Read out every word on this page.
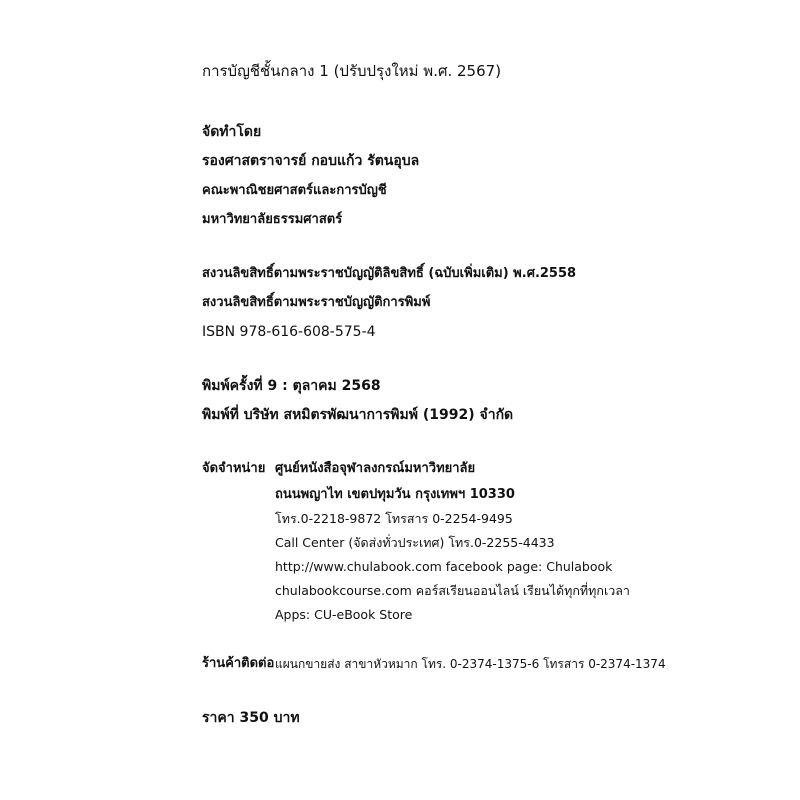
การบัญชีชั้นกลาง 1 (ปรับปรุงใหม่ พ.ศ. 2567)
จัดทำโดย
รองศาสตราจารย์ กอบแก้ว รัตนอุบล
คณะพาณิชยศาสตร์และการบัญชี
มหาวิทยาลัยธรรมศาสตร์
สงวนลิขสิทธิ์ตามพระราชบัญญัติลิขสิทธิ์ (ฉบับเพิ่มเติม) พ.ศ.2558
สงวนลิขสิทธิ์ตามพระราชบัญญัติการพิมพ์
ISBN 978-616-608-575-4
พิมพ์ครั้งที่ 9 : ตุลาคม 2568
พิมพ์ที่ บริษัท สหมิตรพัฒนาการพิมพ์ (1992) จำกัด
จัดจำหน่าย ศูนย์หนังสือจุฬาลงกรณ์มหาวิทยาลัย
ถนนพญาไท เขตปทุมวัน กรุงเทพฯ 10330
โทร.0-2218-9872 โทรสาร 0-2254-9495
Call Center (จัดส่งทั่วประเทศ) โทร.0-2255-4433
http://www.chulabook.com facebook page: Chulabook
chulabookcourse.com คอร์สเรียนออนไลน์ เรียนได้ทุกที่ทุกเวลา
Apps: CU-eBook Store
ร้านค้าติดต่อ แผนกขายส่ง สาขาหัวหมาก โทร. 0-2374-1375-6 โทรสาร 0-2374-1374
ราคา 350 บาท
